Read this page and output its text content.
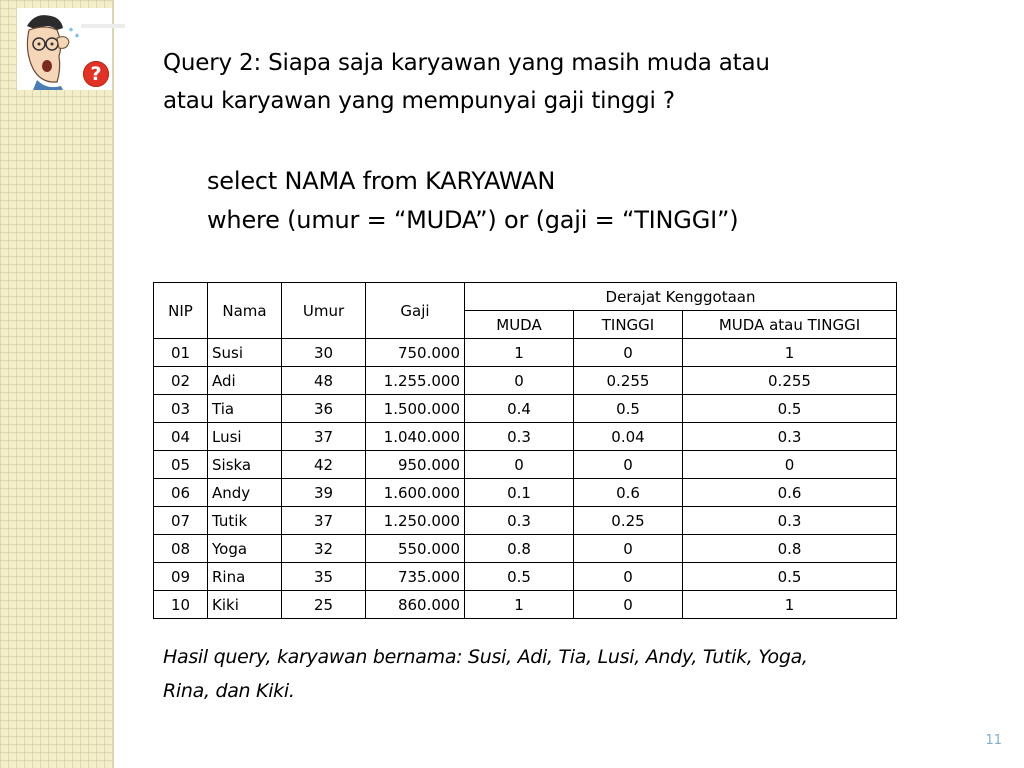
?	Query 2: Siapa saja karyawan yang masih muda atau
atau karyawan yang mempunyai gaji tinggi ?
select NAMA from KARYAWAN
where (umur = “MUDA”) or (gaji = “TINGGI”)
NIP	Nama	Umur	Gaji	Derajat Kenggotaan		
				MUDA	TINGGI	MUDA atau TINGGI
01	Susi	30	750.000	1	0	1
02	Adi	48	1.255.000	0	0.255	0.255
03	Tia	36	1.500.000	0.4	0.5	0.5
04	Lusi	37	1.040.000	0.3	0.04	0.3
05	Siska	42	950.000	0	0	0
06	Andy	39	1.600.000	0.1	0.6	0.6
07	Tutik	37	1.250.000	0.3	0.25	0.3
08	Yoga	32	550.000	0.8	0	0.8
09	Rina	35	735.000	0.5	0	0.5
10	Kiki	25	860.000	1	0	1
Hasil query, karyawan bernama: Susi, Adi, Tia, Lusi, Andy, Tutik, Yoga,
Rina, dan Kiki.
11
